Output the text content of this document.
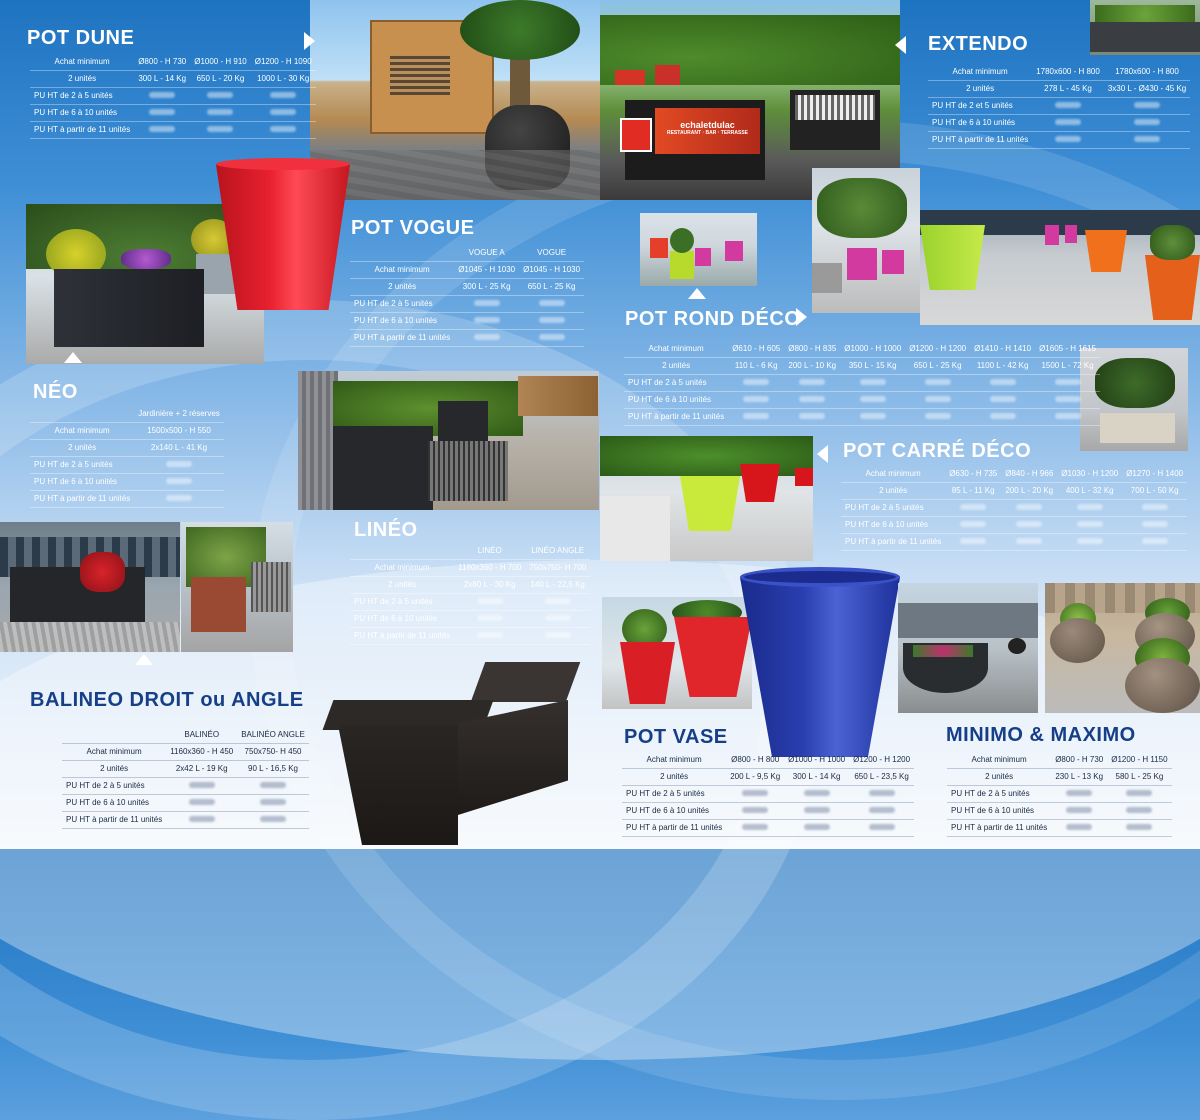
echaletdulac
RESTAURANT · BAR · TERRASSE
POT DUNE	EXTENDO
POT VOGUE
POT ROND DÉCO
NÉO
LINÉO
POT CARRÉ DÉCO
BALINEO DROIT ou ANGLE
POT VASE	MINIMO & MAXIMO
Achat minimum	Ø800 - H 730	Ø1000 - H 910	Ø1200 - H 1090
2 unités	300 L - 14 Kg	650 L - 20 Kg	1000 L - 30 Kg
PU HT de 2 à 5 unités			
PU HT de 6 à 10 unités			
PU HT à partir de 11 unités			
Achat minimum	1780x600 - H 800	1780x600 - H 800
2 unités	278 L - 45 Kg	3x30 L - Ø430 - 45 Kg
PU HT de 2 et 5 unités		
PU HT de 6 à 10 unités		
PU HT à partir de 11 unités		
	VOGUE A	VOGUE
Achat minimum	Ø1045 - H 1030	Ø1045 - H 1030
2 unités	300 L - 25 Kg	650 L - 25 Kg
PU HT de 2 à 5 unités		
PU HT de 6 à 10 unités		
PU HT à partir de 11 unités		
Achat minimum	Ø610 - H 605	Ø800 - H 835	Ø1000 - H 1000	Ø1200 - H 1200	Ø1410 - H 1410	Ø1605 - H 1615
2 unités	110 L - 6 Kg	200 L - 10 Kg	350 L - 15 Kg	650 L - 25 Kg	1100 L - 42 Kg	1500 L - 72 Kg
PU HT de 2 à 5 unités						
PU HT de 6 à 10 unités						
PU HT à partir de 11 unités						
	Jardinière + 2 réserves
Achat minimum	1500x500 - H 550
2 unités	2x140 L - 41 Kg
PU HT de 2 à 5 unités	
PU HT de 6 à 10 unités	
PU HT à partir de 11 unités	
	LINÉO	LINÉO ANGLE
Achat minimum	1160x360 - H 700	750x750- H 700
2 unités	2x80 L - 30 Kg	140 L - 22,5 Kg
PU HT de 2 à 5 unités		
PU HT de 6 à 10 unités		
PU HT à partir de 11 unités		
Achat minimum	Ø630 - H 735	Ø840 - H 966	Ø1030 - H 1200	Ø1270 - H 1400
2 unités	85 L - 11 Kg	200 L - 20 Kg	400 L - 32 Kg	700 L - 50 Kg
PU HT de 2 à 5 unités				
PU HT de 6 à 10 unités				
PU HT à partir de 11 unités				
	BALINÉO	BALINÉO ANGLE
Achat minimum	1160x360 - H 450	750x750- H 450
2 unités	2x42 L - 19 Kg	90 L - 16,5 Kg
PU HT de 2 à 5 unités		
PU HT de 6 à 10 unités		
PU HT à partir de 11 unités		
Achat minimum	Ø800 - H 800	Ø1000 - H 1000	Ø1200 - H 1200
2 unités	200 L - 9,5 Kg	300 L - 14 Kg	650 L - 23,5 Kg
PU HT de 2 à 5 unités			
PU HT de 6 à 10 unités			
PU HT à partir de 11 unités			
Achat minimum	Ø800 - H 730	Ø1200 - H 1150
2 unités	230 L - 13 Kg	580 L - 25 Kg
PU HT de 2 à 5 unités		
PU HT de 6 à 10 unités		
PU HT à partir de 11 unités		
